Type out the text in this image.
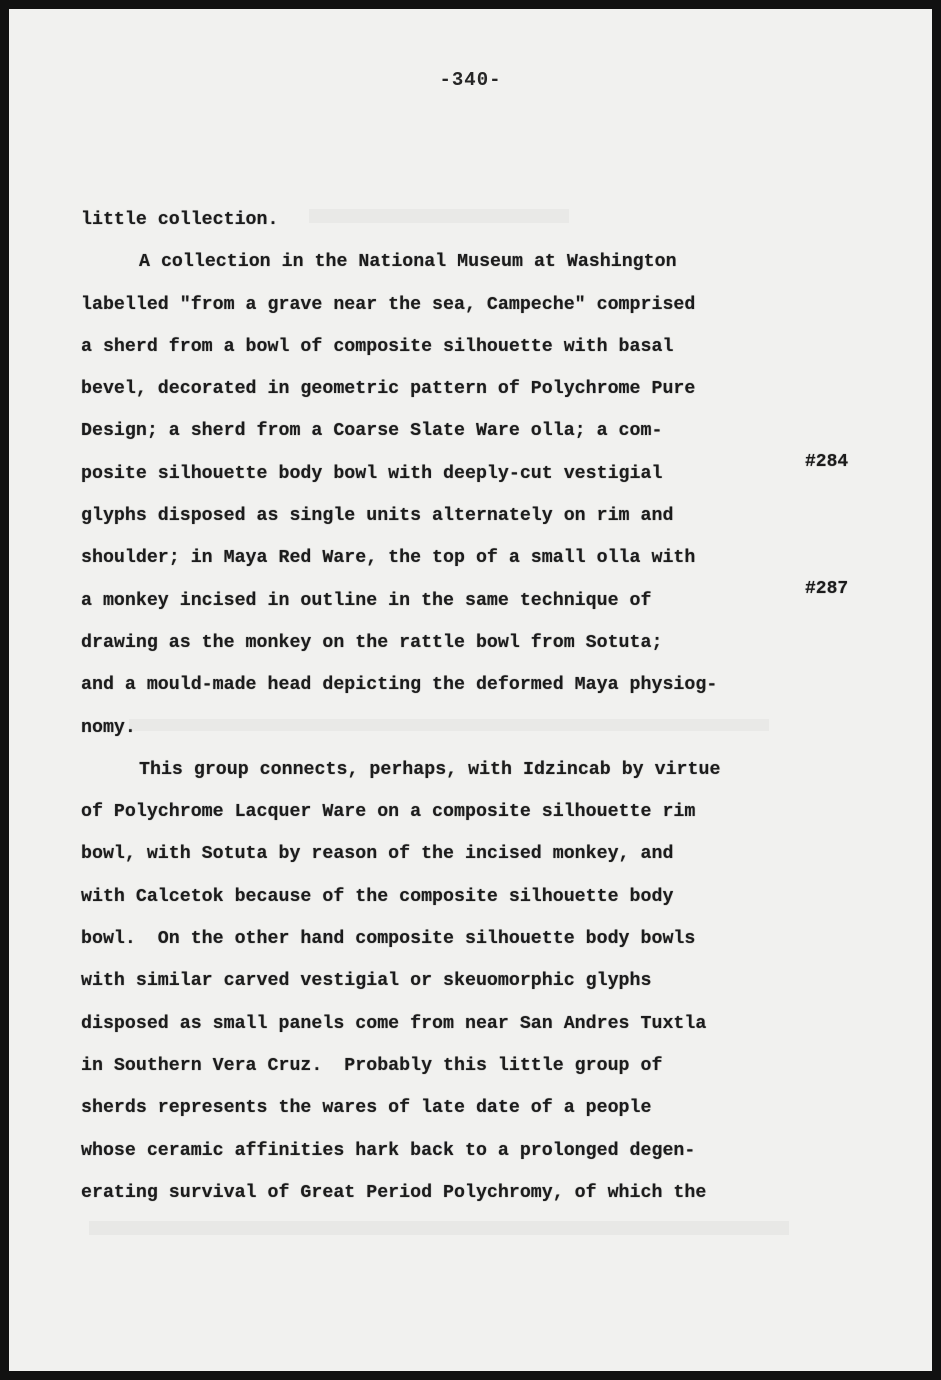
-340-
little collection.
A collection in the National Museum at Washington
labelled "from a grave near the sea, Campeche" comprised
a sherd from a bowl of composite silhouette with basal
bevel, decorated in geometric pattern of Polychrome Pure
Design; a sherd from a Coarse Slate Ware olla; a com-
posite silhouette body bowl with deeply-cut vestigial
glyphs disposed as single units alternately on rim and
shoulder; in Maya Red Ware, the top of a small olla with
a monkey incised in outline in the same technique of
drawing as the monkey on the rattle bowl from Sotuta;
and a mould-made head depicting the deformed Maya physiog-
nomy.
This group connects, perhaps, with Idzincab by virtue
of Polychrome Lacquer Ware on a composite silhouette rim
bowl, with Sotuta by reason of the incised monkey, and
with Calcetok because of the composite silhouette body
bowl.  On the other hand composite silhouette body bowls
with similar carved vestigial or skeuomorphic glyphs
disposed as small panels come from near San Andres Tuxtla
in Southern Vera Cruz.  Probably this little group of
sherds represents the wares of late date of a people
whose ceramic affinities hark back to a prolonged degen-
erating survival of Great Period Polychromy, of which the
#284
#287
